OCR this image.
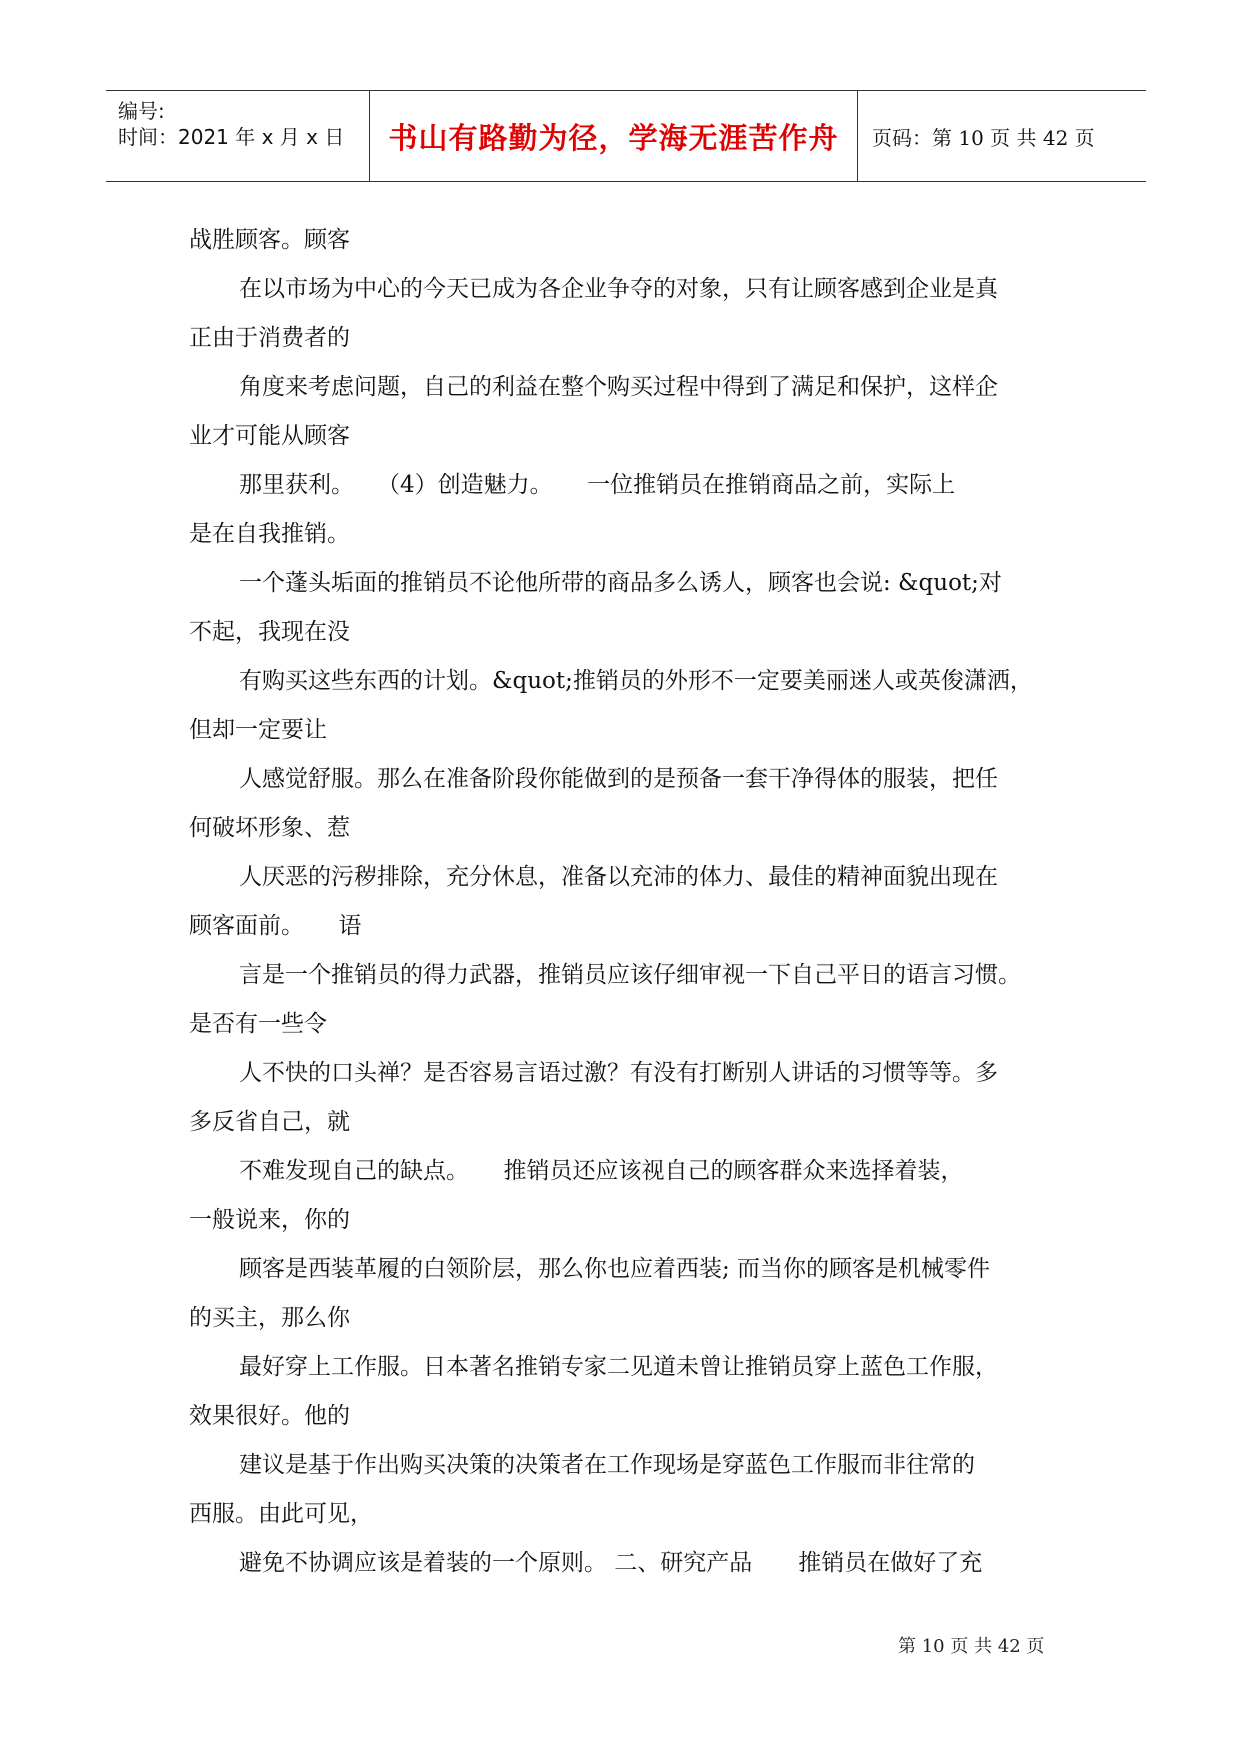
编号:
时间：2021 年 x 月 x 日	书山有路勤为径，学海无涯苦作舟	页码：第 10 页 共 42 页
战胜顾客。顾客
在以市场为中心的今天已成为各企业争夺的对象，只有让顾客感到企业是真
正由于消费者的
角度来考虑问题，自己的利益在整个购买过程中得到了满足和保护，这样企
业才可能从顾客
那里获利。　　（4）创造魅力。　　一位推销员在推销商品之前，实际上
是在自我推销。
一个蓬头垢面的推销员不论他所带的商品多么诱人，顾客也会说: &quot;对
不起，我现在没
有购买这些东西的计划。&quot;推销员的外形不一定要美丽迷人或英俊潇洒，
但却一定要让
人感觉舒服。那么在准备阶段你能做到的是预备一套干净得体的服装，把任
何破坏形象、惹
人厌恶的污秽排除，充分休息，准备以充沛的体力、最佳的精神面貌出现在
顾客面前。　　语
言是一个推销员的得力武器，推销员应该仔细审视一下自己平日的语言习惯。
是否有一些令
人不快的口头禅？是否容易言语过激？有没有打断别人讲话的习惯等等。多
多反省自己，就
不难发现自己的缺点。　　推销员还应该视自己的顾客群众来选择着装，
一般说来，你的
顾客是西装革履的白领阶层，那么你也应着西装; 而当你的顾客是机械零件
的买主，那么你
最好穿上工作服。日本著名推销专家二见道未曾让推销员穿上蓝色工作服，
效果很好。他的
建议是基于作出购买决策的决策者在工作现场是穿蓝色工作服而非往常的
西服。由此可见，
避免不协调应该是着装的一个原则。 二、研究产品　　推销员在做好了充
第 10 页 共 42 页
